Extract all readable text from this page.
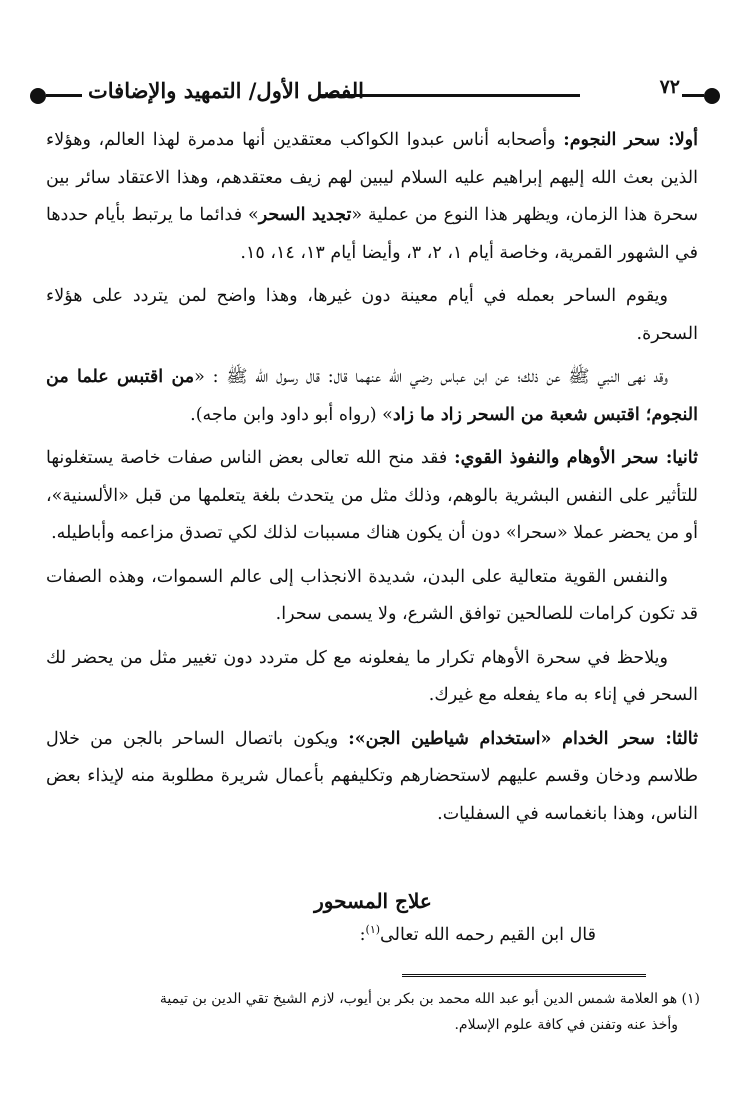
٧٢
الفصل الأول/ التمهيد والإضافات

أولا: سحر النجوم: وأصحابه أناس عبدوا الكواكب معتقدين أنها مدمرة لهذا العالم، وهؤلاء الذين بعث الله إليهم إبراهيم عليه السلام ليبين لهم زيف معتقدهم، وهذا الاعتقاد سائر بين سحرة هذا الزمان، ويظهر هذا النوع من عملية «تجديد السحر» فدائما ما يرتبط بأيام حددها في الشهور القمرية، وخاصة أيام ١، ٢، ٣، وأيضا أيام ١٣، ١٤، ١٥.

ويقوم الساحر بعمله في أيام معينة دون غيرها، وهذا واضح لمن يتردد على هؤلاء السحرة.

وقد نهى النبي ﷺ عن ذلك؛ عن ابن عباس رضي الله عنهما قال: قال رسول الله ﷺ : «من اقتبس علما من النجوم؛ اقتبس شعبة من السحر زاد ما زاد» (رواه أبو داود وابن ماجه).

ثانيا: سحر الأوهام والنفوذ القوي: فقد منح الله تعالى بعض الناس صفات خاصة يستغلونها للتأثير على النفس البشرية بالوهم، وذلك مثل من يتحدث بلغة يتعلمها من قبل «الألسنية»، أو من يحضر عملا «سحرا» دون أن يكون هناك مسببات لذلك لكي تصدق مزاعمه وأباطيله.

والنفس القوية متعالية على البدن، شديدة الانجذاب إلى عالم السموات، وهذه الصفات قد تكون كرامات للصالحين توافق الشرع، ولا يسمى سحرا.

ويلاحظ في سحرة الأوهام تكرار ما يفعلونه مع كل متردد دون تغيير مثل من يحضر لك السحر في إناء به ماء يفعله مع غيرك.

ثالثا: سحر الخدام «استخدام شياطين الجن»: ويكون باتصال الساحر بالجن من خلال طلاسم ودخان وقسم عليهم لاستحضارهم وتكليفهم بأعمال شريرة مطلوبة منه لإيذاء بعض الناس، وهذا بانغماسه في السفليات.

علاج المسحور
قال ابن القيم رحمه الله تعالى$^{(١)}$:
(١) هو العلامة شمس الدين أبو عبد الله محمد بن بكر بن أيوب، لازم الشيخ تقي الدين بن تيمية
وأخذ عنه وتفنن في كافة علوم الإسلام.
